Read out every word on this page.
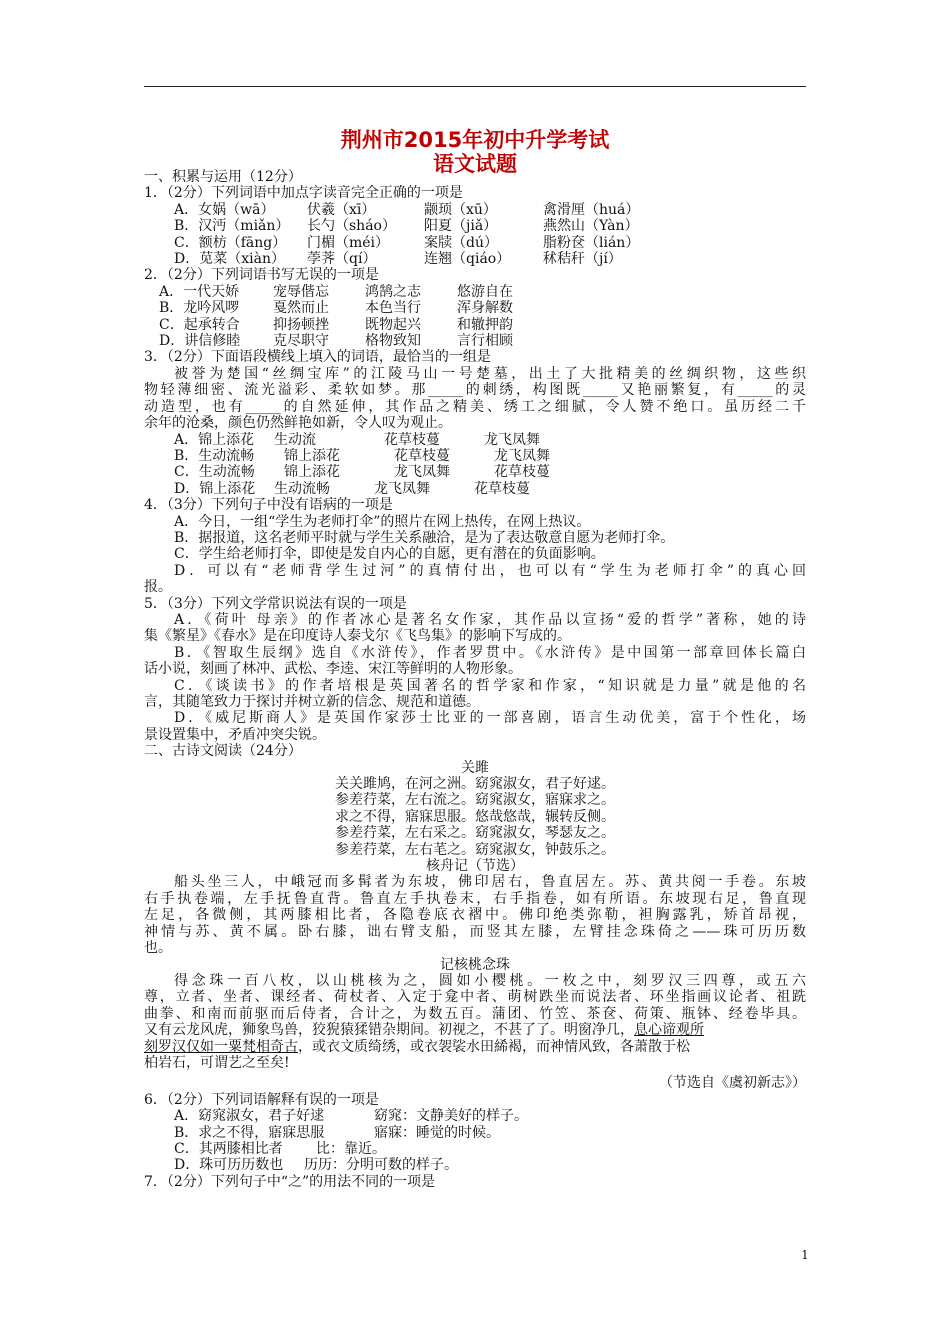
荆州市2015年初中升学考试
语文试题
一、积累与运用（12分）
1．（2分）下列词语中加点字读音完全正确的一项是
A．女娲（wā） 伏羲（xī）	颛顼（xū）	禽滑厘（huá）
B．汉沔（miǎn） 长勺（sháo） 阳夏（jiǎ）	燕然山（Yàn）
C．额枋（fāng） 门楣（méi） 案牍（dú）	脂粉奁（lián）
D．苋菜（xiàn） 荸荠（qí）	连翘（qiáo） 秫秸秆（jí）
2．（2分）下列词语书写无误的一项是
A．一代天娇 宠辱偕忘	鸿鹄之志	悠游自在
B．龙吟风啰 戛然而止	本色当行	浑身解数
C．起承转合 抑扬顿挫	既物起兴	和辙押韵
D．讲信修睦 克尽职守	格物致知	言行相顾
3．（2分）下面语段横线上填入的词语，最恰当的一组是
被誉为楚国“丝绸宝库”的江陵马山一号楚墓，出土了大批精美的丝绸织物，这些织
物轻薄细密、流光溢彩、柔软如梦。那_____的刺绣，构图既_____又艳丽繁复，有_____的灵
动造型，也有_____的自然延伸，其作品之精美、绣工之细腻，令人赞不绝口。虽历经二千
余年的沧桑，颜色仍然鲜艳如新，令人叹为观止。
A．锦上添花 生动流	花草枝蔓	龙飞凤舞
B．生动流畅 锦上添花	花草枝蔓	龙飞凤舞
C．生动流畅 锦上添花	龙飞凤舞	花草枝蔓
D．锦上添花 生动流畅	龙飞凤舞	花草枝蔓
4．（3分）下列句子中没有语病的一项是
A．今日，一组“学生为老师打伞”的照片在网上热传，在网上热议。
B．据报道，这名老师平时就与学生关系融洽，是为了表达敬意自愿为老师打伞。
C．学生给老师打伞，即使是发自内心的自愿，更有潜在的负面影响。
D．可以有“老师背学生过河”的真情付出，也可以有“学生为老师打伞”的真心回
报。
5．（3分）下列文学常识说法有误的一项是
A．《荷叶 母亲》的作者冰心是著名女作家，其作品以宣扬“爱的哲学”著称，她的诗
集《繁星》《春水》是在印度诗人泰戈尔《飞鸟集》的影响下写成的。
B．《智取生辰纲》选自《水浒传》，作者罗贯中。《水浒传》是中国第一部章回体长篇白
话小说，刻画了林冲、武松、李逵、宋江等鲜明的人物形象。
C．《谈读书》的作者培根是英国著名的哲学家和作家，“知识就是力量”就是他的名
言，其随笔致力于探讨并树立新的信念、规范和道德。
D．《威尼斯商人》是英国作家莎士比亚的一部喜剧，语言生动优美，富于个性化，场
景设置集中，矛盾冲突尖锐。
二、古诗文阅读（24分）
关雎
关关雎鸠，在河之洲。窈窕淑女，君子好逑。
参差荇菜，左右流之。窈窕淑女，寤寐求之。
求之不得，寤寐思服。悠哉悠哉，辗转反侧。
参差荇菜，左右采之。窈窕淑女，琴瑟友之。
参差荇菜，左右芼之。窈窕淑女，钟鼓乐之。
核舟记（节选）
船头坐三人，中峨冠而多髯者为东坡，佛印居右，鲁直居左。苏、黄共阅一手卷。东坡
右手执卷端，左手抚鲁直背。鲁直左手执卷末，右手指卷，如有所语。东坡现右足，鲁直现
左足，各微侧，其两膝相比者，各隐卷底衣褶中。佛印绝类弥勒，袒胸露乳，矫首昂视，
神情与苏、黄不属。卧右膝，诎右臂支船，而竖其左膝，左臂挂念珠倚之——珠可历历数
也。
记核桃念珠
得念珠一百八枚，以山桃核为之，圆如小樱桃。一枚之中，刻罗汉三四尊，或五六
尊，立者、坐者、课经者、荷杖者、入定于龛中者、萌树跌坐而说法者、环坐指画议论者、祖跣
曲拳、和南而前驱而后侍者，合计之，为数五百。蒲团、竹笠、茶奁、荷策、瓶钵、经卷毕具。
又有云龙风虎，狮象鸟兽，狡猊猿猱错杂期间。初视之，不甚了了。明窗净几，息心谛观所
刻罗汉仅如一粟梵相奇古，或衣文质绮绣，或衣袈裟水田絺褐，而神情风致，各萧散于松
柏岩石，可谓艺之至矣!
（节选自《虞初新志》）
6．（2分）下列词语解释有误的一项是
A．窈窕淑女，君子好逑	窈窕：文静美好的样子。
B．求之不得，寤寐思服	寤寐：睡觉的时候。
C．其两膝相比者 比：靠近。
D．珠可历历数也 历历：分明可数的样子。
7．（2分）下列句子中“之”的用法不同的一项是
1
